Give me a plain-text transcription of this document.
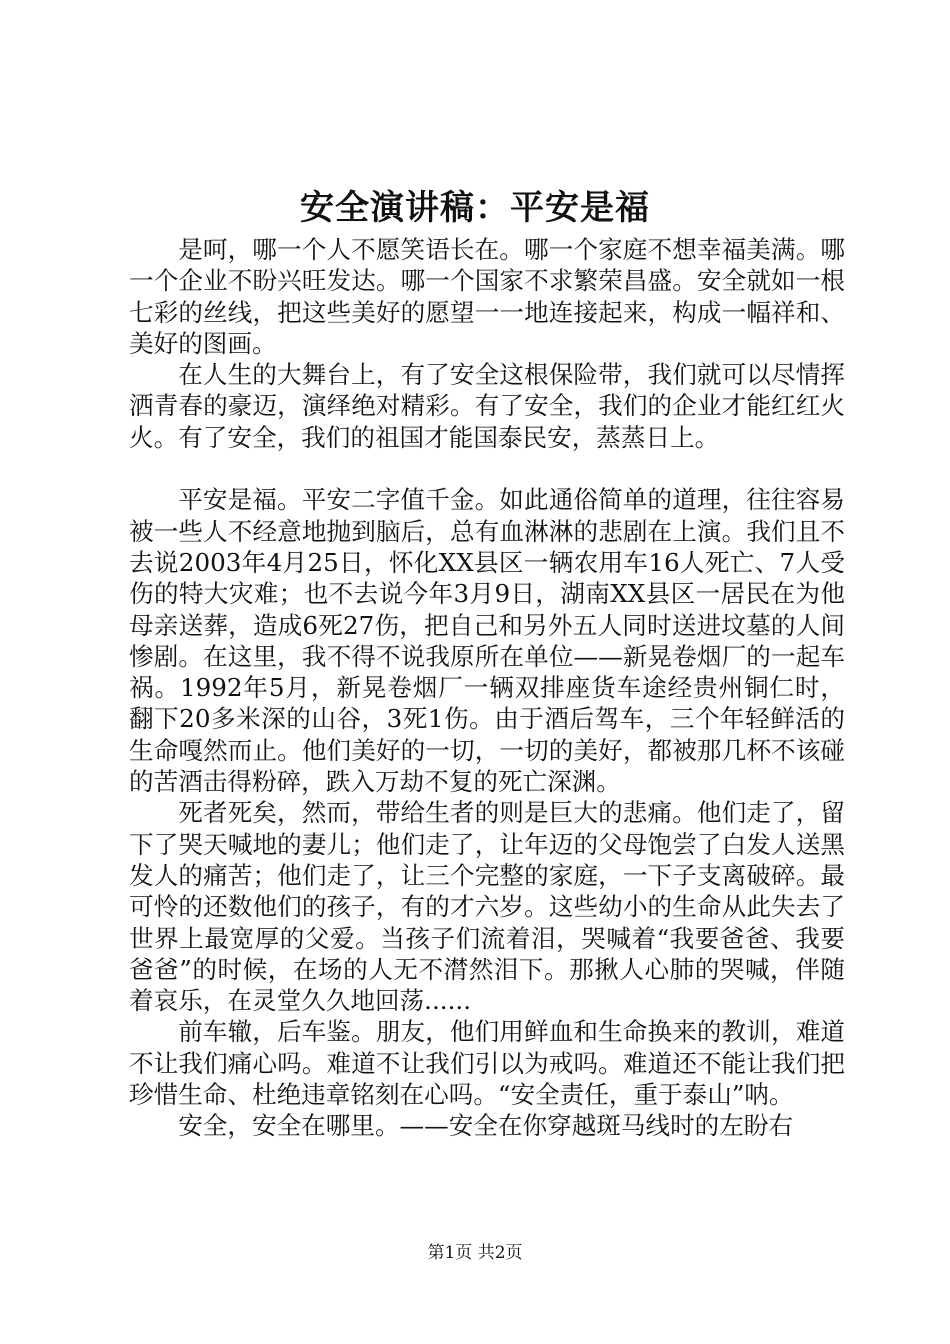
安全演讲稿：平安是福

是呵，哪一个人不愿笑语长在。哪一个家庭不想幸福美满。哪一个企业不盼兴旺发达。哪一个国家不求繁荣昌盛。安全就如一根七彩的丝线，把这些美好的愿望一一地连接起来，构成一幅祥和、美好的图画。

在人生的大舞台上，有了安全这根保险带，我们就可以尽情挥洒青春的豪迈，演绎绝对精彩。有了安全，我们的企业才能红红火火。有了安全，我们的祖国才能国泰民安，蒸蒸日上。

平安是福。平安二字值千金。如此通俗简单的道理，往往容易被一些人不经意地抛到脑后，总有血淋淋的悲剧在上演。我们且不去说2003年4月25日，怀化XX县区一辆农用车16人死亡、7人受伤的特大灾难；也不去说今年3月9日，湖南XX县区一居民在为他母亲送葬，造成6死27伤，把自己和另外五人同时送进坟墓的人间惨剧。在这里，我不得不说我原所在单位——新晃卷烟厂的一起车祸。1992年5月，新晃卷烟厂一辆双排座货车途经贵州铜仁时，翻下20多米深的山谷，3死1伤。由于酒后驾车，三个年轻鲜活的生命嘎然而止。他们美好的一切，一切的美好，都被那几杯不该碰的苦酒击得粉碎，跌入万劫不复的死亡深渊。

死者死矣，然而，带给生者的则是巨大的悲痛。他们走了，留下了哭天喊地的妻儿；他们走了，让年迈的父母饱尝了白发人送黑发人的痛苦；他们走了，让三个完整的家庭，一下子支离破碎。最可怜的还数他们的孩子，有的才六岁。这些幼小的生命从此失去了世界上最宽厚的父爱。当孩子们流着泪，哭喊着“我要爸爸、我要爸爸”的时候，在场的人无不潸然泪下。那揪人心肺的哭喊，伴随着哀乐，在灵堂久久地回荡......

前车辙，后车鉴。朋友，他们用鲜血和生命换来的教训，难道不让我们痛心吗。难道不让我们引以为戒吗。难道还不能让我们把珍惜生命、杜绝违章铭刻在心吗。“安全责任，重于泰山”呐。

安全，安全在哪里。——安全在你穿越斑马线时的左盼右

第1页 共2页
